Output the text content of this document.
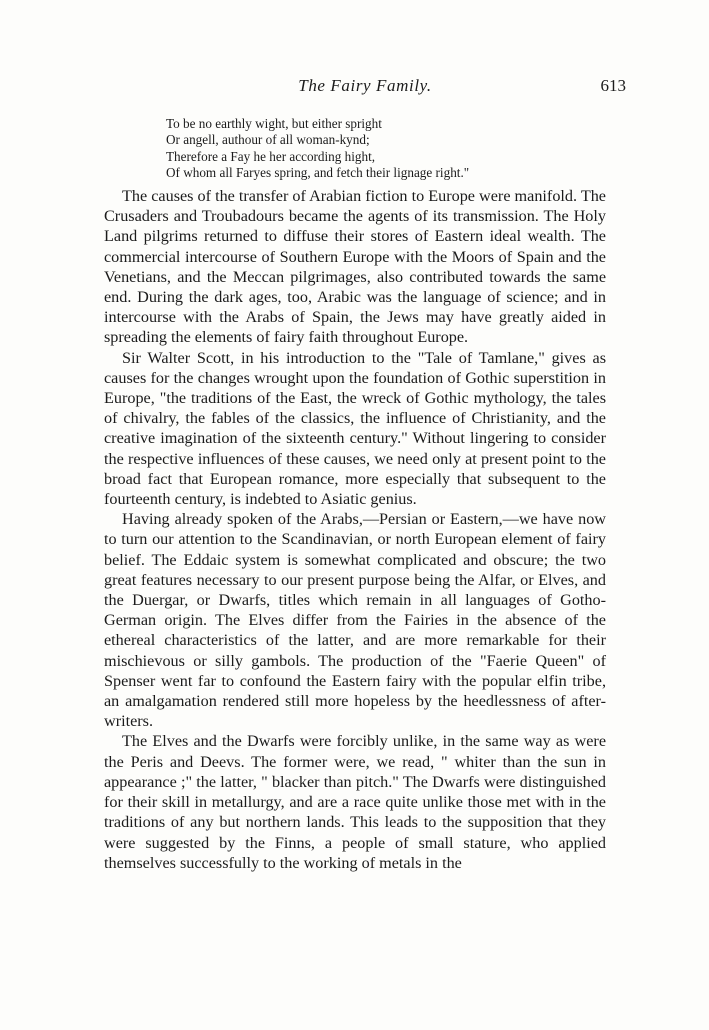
The Fairy Family.	613
To be no earthly wight, but either spright
Or angell, authour of all woman-kynd;
Therefore a Fay he her according hight,
Of whom all Faryes spring, and fetch their lignage right."

The causes of the transfer of Arabian fiction to Europe were manifold. The Crusaders and Troubadours became the agents of its transmission. The Holy Land pilgrims returned to diffuse their stores of Eastern ideal wealth. The commercial intercourse of Southern Europe with the Moors of Spain and the Venetians, and the Meccan pilgrimages, also contributed towards the same end. During the dark ages, too, Arabic was the language of science; and in intercourse with the Arabs of Spain, the Jews may have greatly aided in spreading the elements of fairy faith throughout Europe.

Sir Walter Scott, in his introduction to the "Tale of Tamlane," gives as causes for the changes wrought upon the foundation of Gothic superstition in Europe, "the traditions of the East, the wreck of Gothic mythology, the tales of chivalry, the fables of the classics, the influence of Christianity, and the creative imagination of the sixteenth century." Without lingering to consider the respective influences of these causes, we need only at present point to the broad fact that European romance, more especially that subsequent to the fourteenth century, is indebted to Asiatic genius.

Having already spoken of the Arabs,—Persian or Eastern,—we have now to turn our attention to the Scandinavian, or north European element of fairy belief. The Eddaic system is somewhat complicated and obscure; the two great features necessary to our present purpose being the Alfar, or Elves, and the Duergar, or Dwarfs, titles which remain in all languages of Gotho-German origin. The Elves differ from the Fairies in the absence of the ethereal characteristics of the latter, and are more remarkable for their mischievous or silly gambols. The production of the "Faerie Queen" of Spenser went far to confound the Eastern fairy with the popular elfin tribe, an amalgamation rendered still more hopeless by the heedlessness of after-writers.

The Elves and the Dwarfs were forcibly unlike, in the same way as were the Peris and Deevs. The former were, we read, " whiter than the sun in appearance ;" the latter, " blacker than pitch." The Dwarfs were distinguished for their skill in metallurgy, and are a race quite unlike those met with in the traditions of any but northern lands. This leads to the supposition that they were suggested by the Finns, a people of small stature, who applied themselves successfully to the working of metals in the
